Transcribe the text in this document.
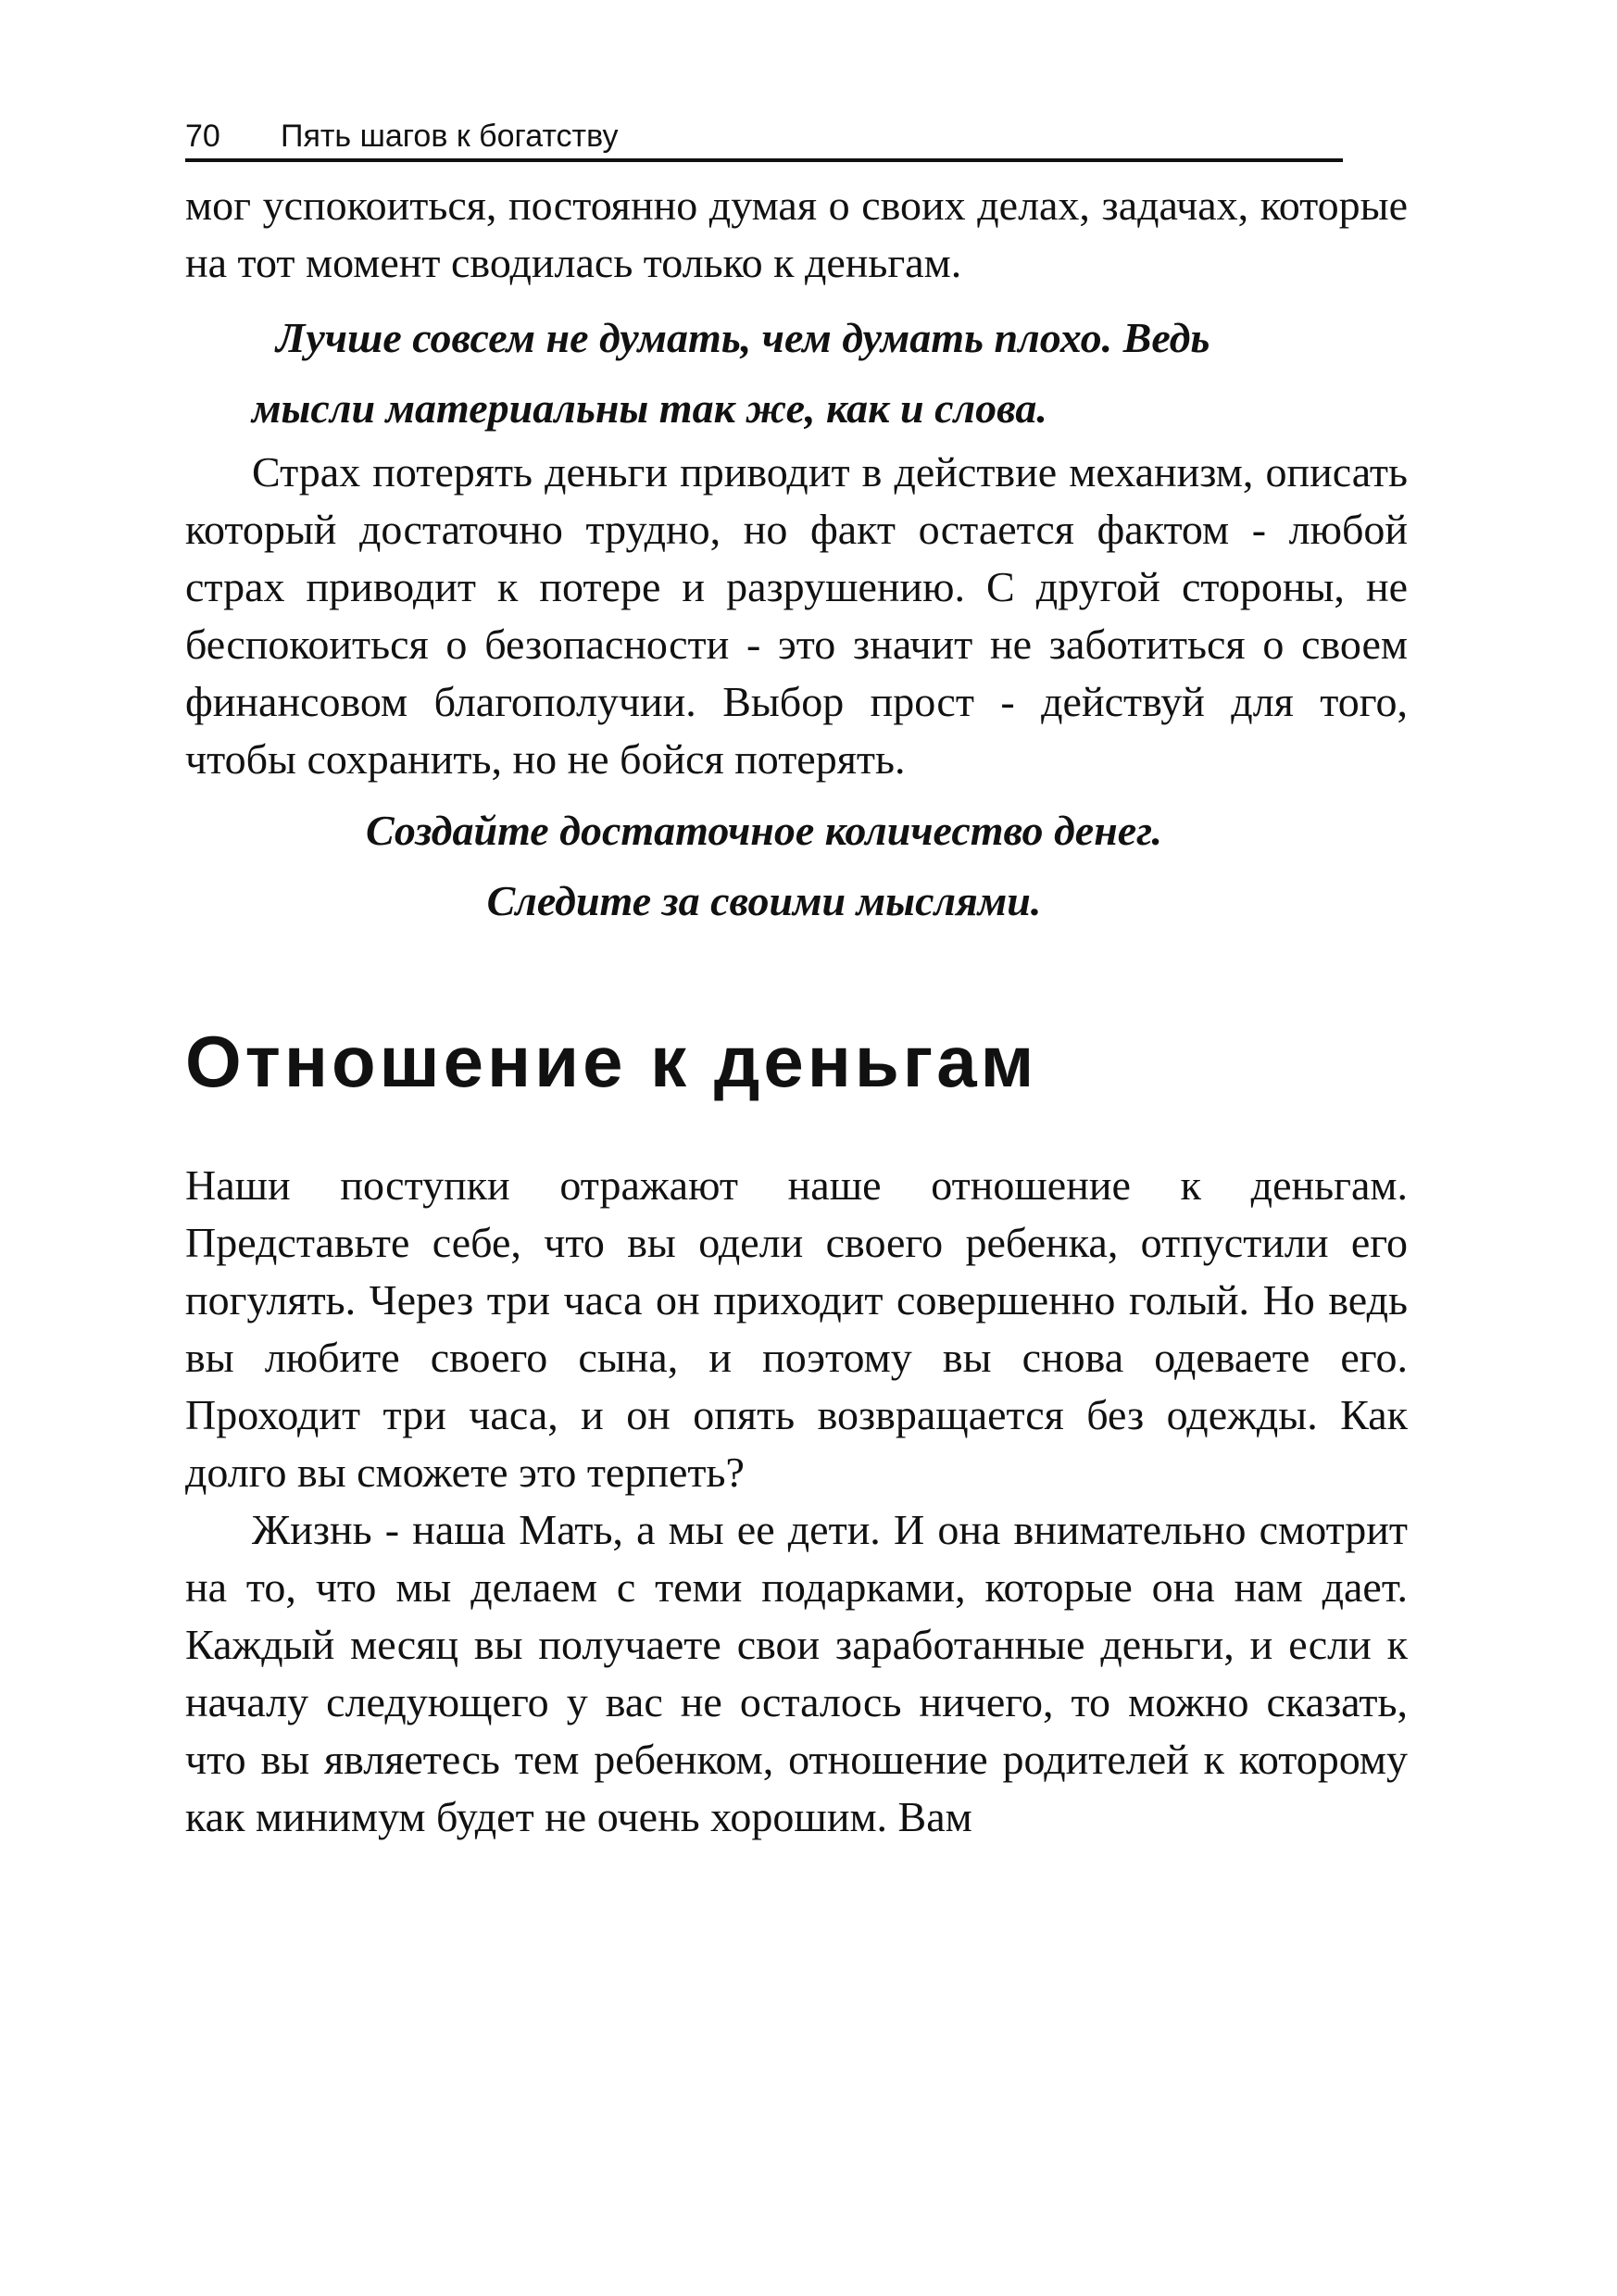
70 Пять шагов к богатству

мог успокоиться, постоянно думая о своих делах, задачах, которые на тот момент сводилась только к деньгам.

Лучше совсем не думать, чем думать плохо. Ведь
мысли материальны так же, как и слова.

Страх потерять деньги приводит в действие механизм, описать который достаточно трудно, но факт остается фактом - любой страх приводит к потере и разрушению. С другой стороны, не беспокоиться о безопасности - это значит не заботиться о своем финансовом благополучии. Выбор прост - действуй для того, чтобы сохранить, но не бойся потерять.

Создайте достаточное количество денег.
Следите за своими мыслями.
Отношение к деньгам

Наши поступки отражают наше отношение к деньгам. Представьте себе, что вы одели своего ребенка, отпустили его погулять. Через три часа он приходит совершенно голый. Но ведь вы любите своего сына, и поэтому вы снова одеваете его. Проходит три часа, и он опять возвращается без одежды. Как долго вы сможете это терпеть?

Жизнь - наша Мать, а мы ее дети. И она внимательно смотрит на то, что мы делаем с теми подарками, которые она нам дает. Каждый месяц вы получаете свои заработанные деньги, и если к началу следующего у вас не осталось ничего, то можно сказать, что вы являетесь тем ребенком, отношение родителей к которому как минимум будет не очень хорошим. Вам
